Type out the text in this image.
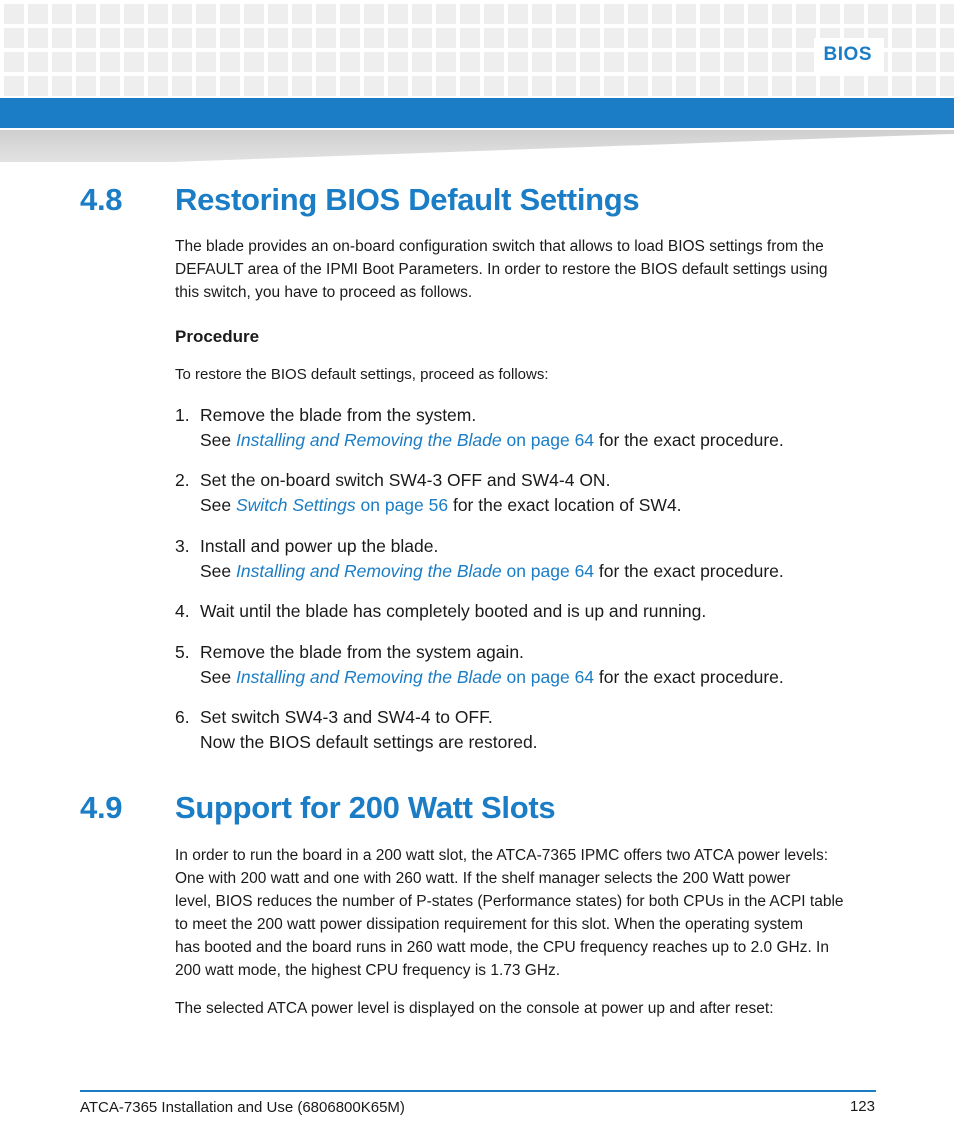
BIOS
4.8 Restoring BIOS Default Settings
The blade provides an on-board configuration switch that allows to load BIOS settings from the
DEFAULT area of the IPMI Boot Parameters. In order to restore the BIOS default settings using
this switch, you have to proceed as follows.
Procedure
To restore the BIOS default settings, proceed as follows:
1. Remove the blade from the system.
See Installing and Removing the Blade on page 64 for the exact procedure.
2. Set the on-board switch SW4-3 OFF and SW4-4 ON.
See Switch Settings on page 56 for the exact location of SW4.
3. Install and power up the blade.
See Installing and Removing the Blade on page 64 for the exact procedure.
4. Wait until the blade has completely booted and is up and running.
5. Remove the blade from the system again.
See Installing and Removing the Blade on page 64 for the exact procedure.
6. Set switch SW4-3 and SW4-4 to OFF.
Now the BIOS default settings are restored.
4.9 Support for 200 Watt Slots
In order to run the board in a 200 watt slot, the ATCA-7365 IPMC offers two ATCA power levels:
One with 200 watt and one with 260 watt. If the shelf manager selects the 200 Watt power
level, BIOS reduces the number of P-states (Performance states) for both CPUs in the ACPI table
to meet the 200 watt power dissipation requirement for this slot. When the operating system
has booted and the board runs in 260 watt mode, the CPU frequency reaches up to 2.0 GHz. In
200 watt mode, the highest CPU frequency is 1.73 GHz.
The selected ATCA power level is displayed on the console at power up and after reset:
ATCA-7365 Installation and Use (6806800K65M)	123
